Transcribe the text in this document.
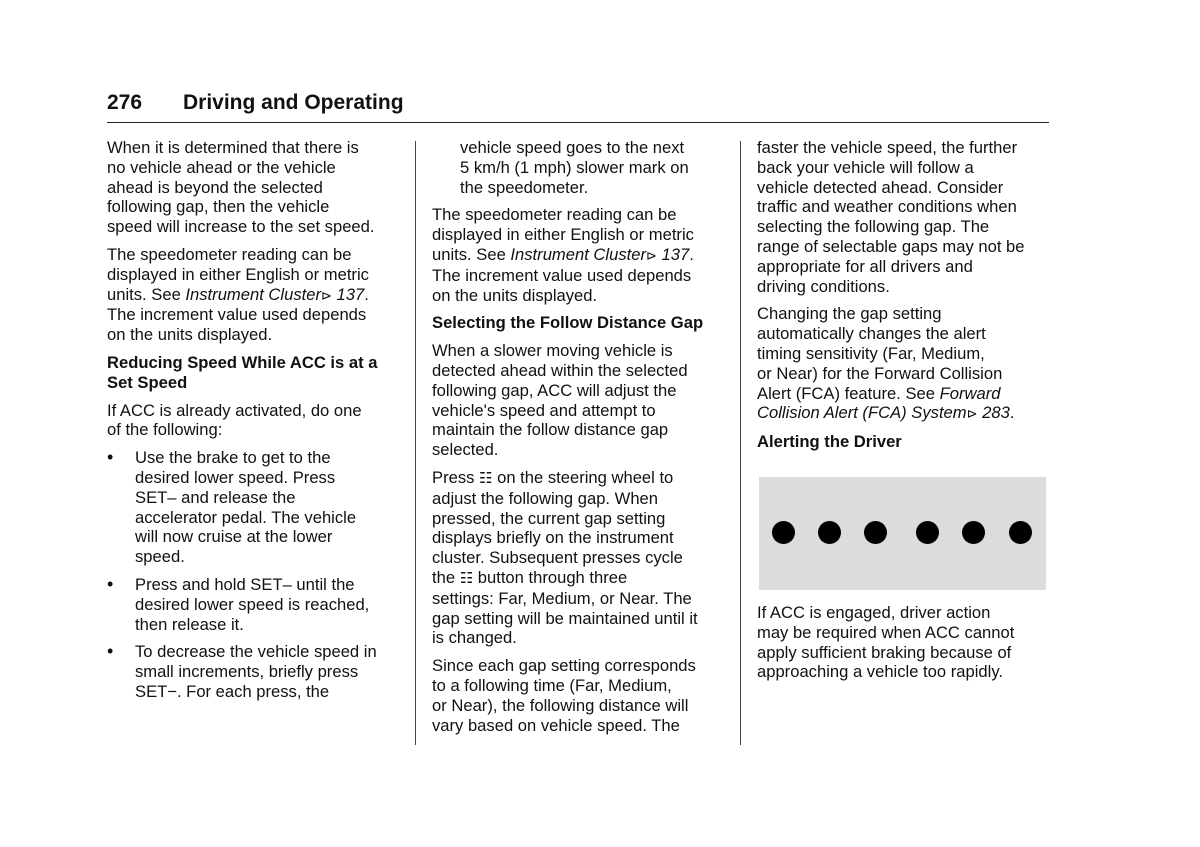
276 Driving and Operating

When it is determined that there is
no vehicle ahead or the vehicle
ahead is beyond the selected
following gap, then the vehicle
speed will increase to the set speed.

The speedometer reading can be
displayed in either English or metric
units. See Instrument Cluster⊳ 137.
The increment value used depends
on the units displayed.

Reducing Speed While ACC is at a
Set Speed

If ACC is already activated, do one
of the following:

• Use the brake to get to the
desired lower speed. Press
SET– and release the
accelerator pedal. The vehicle
will now cruise at the lower
speed.
• Press and hold SET– until the
desired lower speed is reached,
then release it.
• To decrease the vehicle speed in
small increments, briefly press
SET−. For each press, the

vehicle speed goes to the next
5 km/h (1 mph) slower mark on
the speedometer.

The speedometer reading can be
displayed in either English or metric
units. See Instrument Cluster⊳ 137.
The increment value used depends
on the units displayed.

Selecting the Follow Distance Gap

When a slower moving vehicle is
detected ahead within the selected
following gap, ACC will adjust the
vehicle's speed and attempt to
maintain the follow distance gap
selected.

Press ☷ on the steering wheel to
adjust the following gap. When
pressed, the current gap setting
displays briefly on the instrument
cluster. Subsequent presses cycle
the ☷ button through three
settings: Far, Medium, or Near. The
gap setting will be maintained until it
is changed.

Since each gap setting corresponds
to a following time (Far, Medium,
or Near), the following distance will
vary based on vehicle speed. The

faster the vehicle speed, the further
back your vehicle will follow a
vehicle detected ahead. Consider
traffic and weather conditions when
selecting the following gap. The
range of selectable gaps may not be
appropriate for all drivers and
driving conditions.

Changing the gap setting
automatically changes the alert
timing sensitivity (Far, Medium,
or Near) for the Forward Collision
Alert (FCA) feature. See Forward
Collision Alert (FCA) System⊳ 283.

Alerting the Driver

If ACC is engaged, driver action
may be required when ACC cannot
apply sufficient braking because of
approaching a vehicle too rapidly.
